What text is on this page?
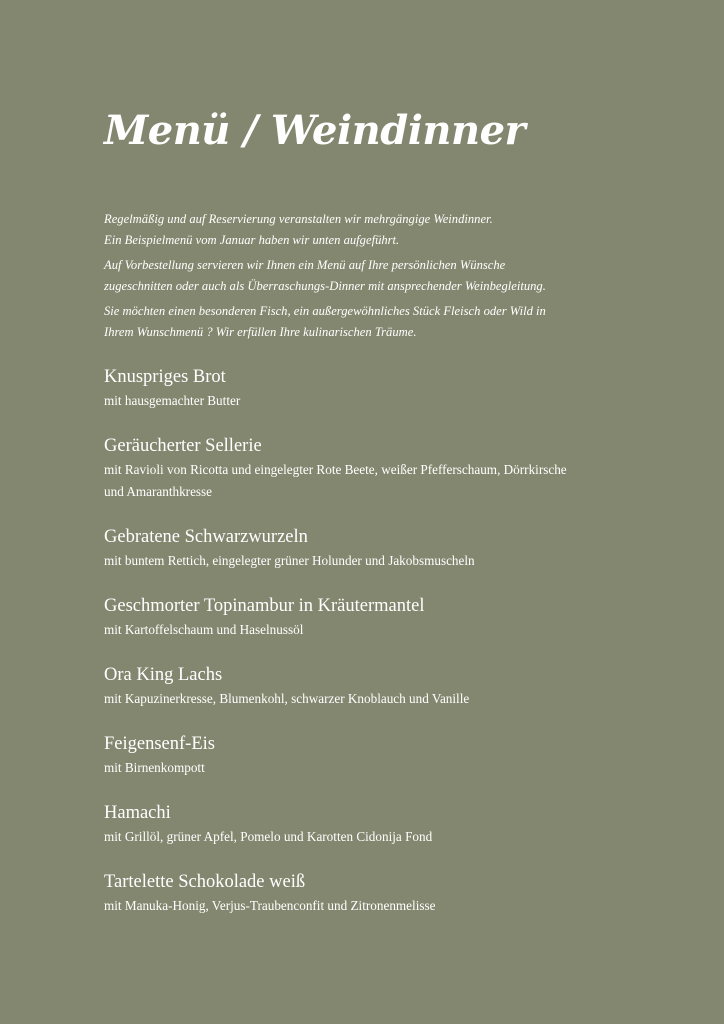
Menü / Weindinner

Regelmäßig und auf Reservierung veranstalten wir mehrgängige Weindinner.
Ein Beispielmenü vom Januar haben wir unten aufgeführt.

Auf Vorbestellung servieren wir Ihnen ein Menü auf Ihre persönlichen Wünsche
zugeschnitten oder auch als Überraschungs-Dinner mit ansprechender Weinbegleitung.

Sie möchten einen besonderen Fisch, ein außergewöhnliches Stück Fleisch oder Wild in
Ihrem Wunschmenü ? Wir erfüllen Ihre kulinarischen Träume.

Knuspriges Brot
mit hausgemachter Butter
Geräucherter Sellerie
mit Ravioli von Ricotta und eingelegter Rote Beete, weißer Pfefferschaum, Dörrkirsche und Amaranthkresse
Gebratene Schwarzwurzeln
mit buntem Rettich, eingelegter grüner Holunder und Jakobsmuscheln
Geschmorter Topinambur in Kräutermantel
mit Kartoffelschaum und Haselnussöl
Ora King Lachs
mit Kapuzinerkresse, Blumenkohl, schwarzer Knoblauch und Vanille
Feigensenf-Eis
mit Birnenkompott
Hamachi
mit Grillöl, grüner Apfel, Pomelo und Karotten Cidonija Fond
Tartelette Schokolade weiß
mit Manuka-Honig, Verjus-Traubenconfit und Zitronenmelisse
